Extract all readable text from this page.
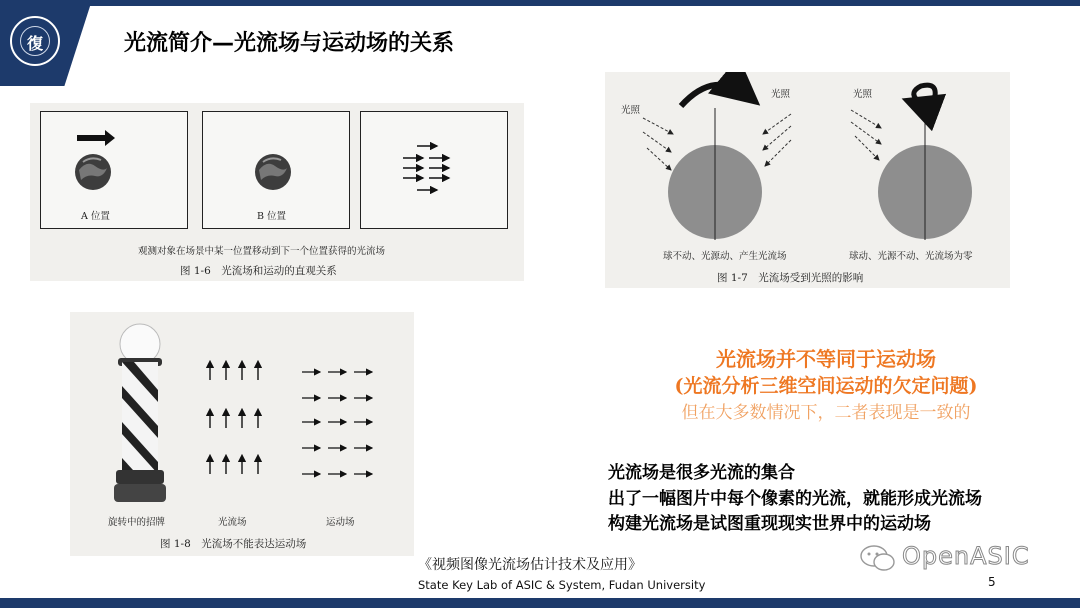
復	光流简介—光流场与运动场的关系
A 位置	B 位置
观测对象在场景中某一位置移动到下一个位置获得的光流场
图 1-6　光流场和运动的直观关系
光照
光照	光照
球不动、光源动、产生光流场	球动、光源不动、光流场为零
图 1-7　光流场受到光照的影响
旋转中的招牌	光流场	运动场
图 1-8　光流场不能表达运动场
光流场并不等同于运动场
(光流分析三维空间运动的欠定问题)
但在大多数情况下，二者表现是一致的
光流场是很多光流的集合
出了一幅图片中每个像素的光流，就能形成光流场
构建光流场是试图重现现实世界中的运动场
《视频图像光流场估计技术及应用》
State Key Lab of ASIC & System, Fudan University
OpenASIC
5
